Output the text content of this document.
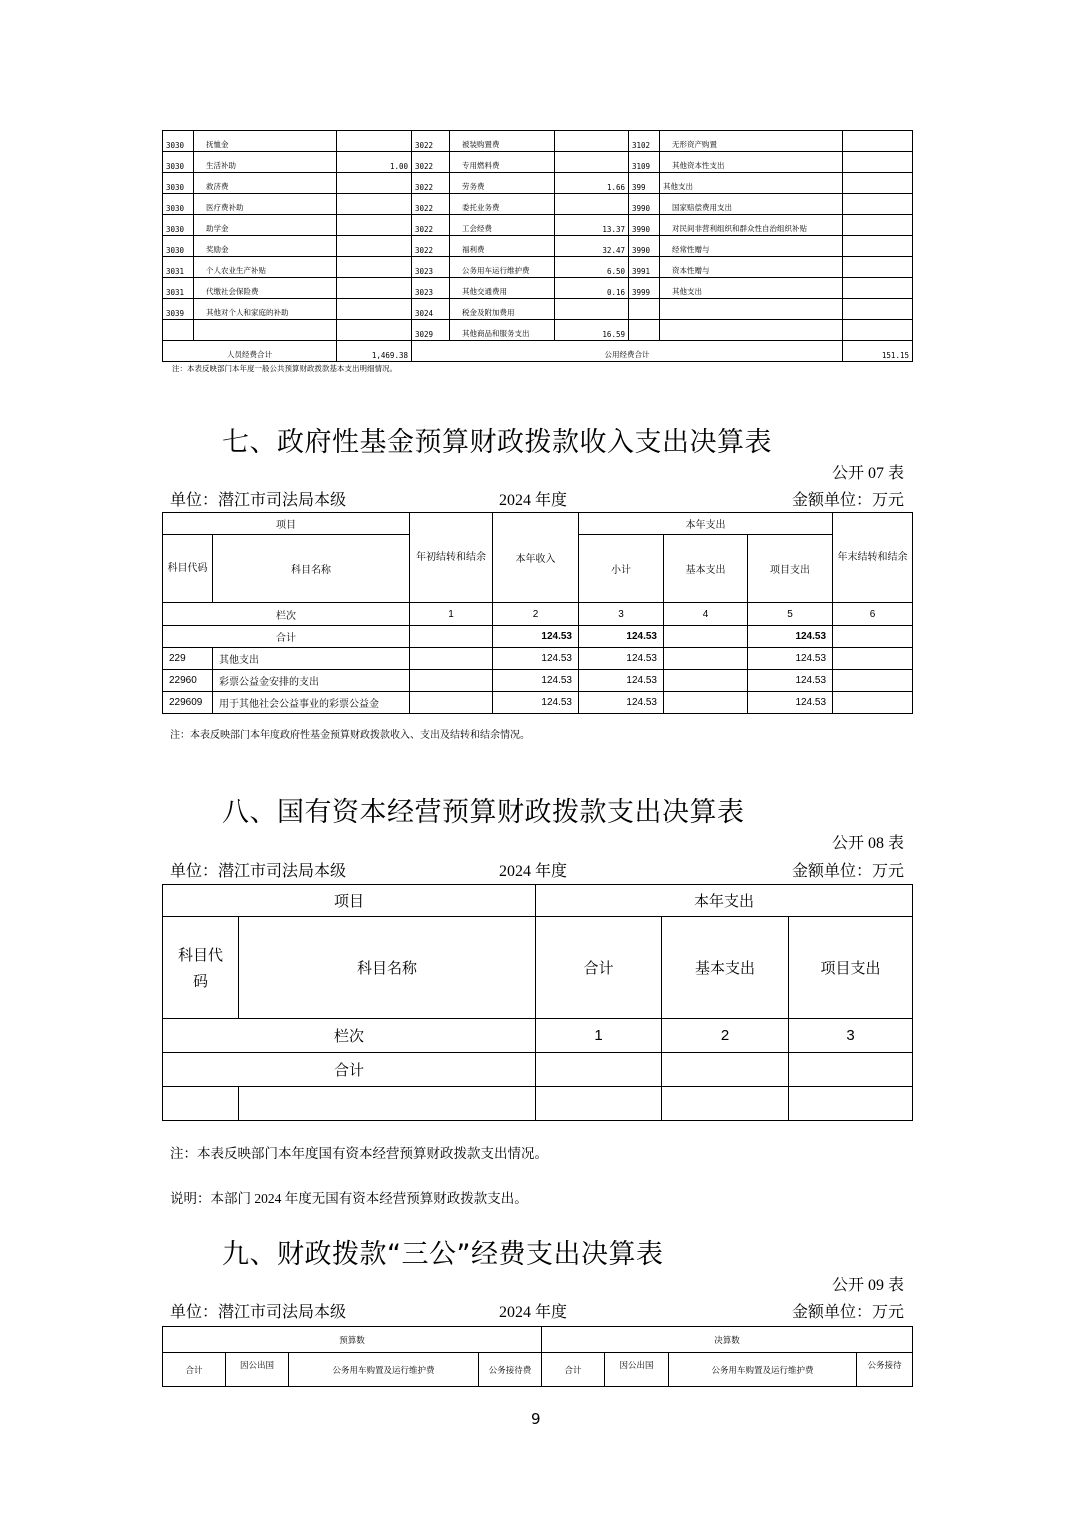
3030	抚恤金		3022	被装购置费		3102	无形资产购置	
3030	生活补助	1.00	3022	专用燃料费		3109	其他资本性支出	
3030	救济费		3022	劳务费	1.66	399	其他支出	
3030	医疗费补助		3022	委托业务费		3990	国家赔偿费用支出	
3030	助学金		3022	工会经费	13.37	3990	对民间非营利组织和群众性自治组织补贴	
3030	奖励金		3022	福利费	32.47	3990	经常性赠与	
3031	个人农业生产补贴		3023	公务用车运行维护费	6.50	3991	资本性赠与	
3031	代缴社会保险费		3023	其他交通费用	0.16	3999	其他支出	
3039	其他对个人和家庭的补助		3024	税金及附加费用				
			3029	其他商品和服务支出	16.59			
人员经费合计		1,469.38	公用经费合计					151.15
注：本表反映部门本年度一般公共预算财政拨款基本支出明细情况。
七、政府性基金预算财政拨款收入支出决算表
公开 07 表
单位：潜江市司法局本级	2024 年度	金额单位：万元
项目		年初结转和结余	本年收入	本年支出			年末结转和结余
科目代码	科目名称			小计	基本支出	项目支出	
栏次		1	2	3	4	5	6
合计			124.53	124.53		124.53	
229	其他支出		124.53	124.53		124.53	
22960	彩票公益金安排的支出		124.53	124.53		124.53	
229609	用于其他社会公益事业的彩票公益金		124.53	124.53		124.53	
注：本表反映部门本年度政府性基金预算财政拨款收入、支出及结转和结余情况。
八、国有资本经营预算财政拨款支出决算表
公开 08 表
单位：潜江市司法局本级	2024 年度	金额单位：万元
项目		本年支出		
科目代码	科目名称	合计	基本支出	项目支出
栏次		1	2	3
合计				

注：本表反映部门本年度国有资本经营预算财政拨款支出情况。
说明：本部门 2024 年度无国有资本经营预算财政拨款支出。
九、财政拨款“三公”经费支出决算表
公开 09 表
单位：潜江市司法局本级	2024 年度	金额单位：万元
预算数				决算数			
合计	因公出国	公务用车购置及运行维护费	公务接待费	合计	因公出国	公务用车购置及运行维护费	公务接待
9
